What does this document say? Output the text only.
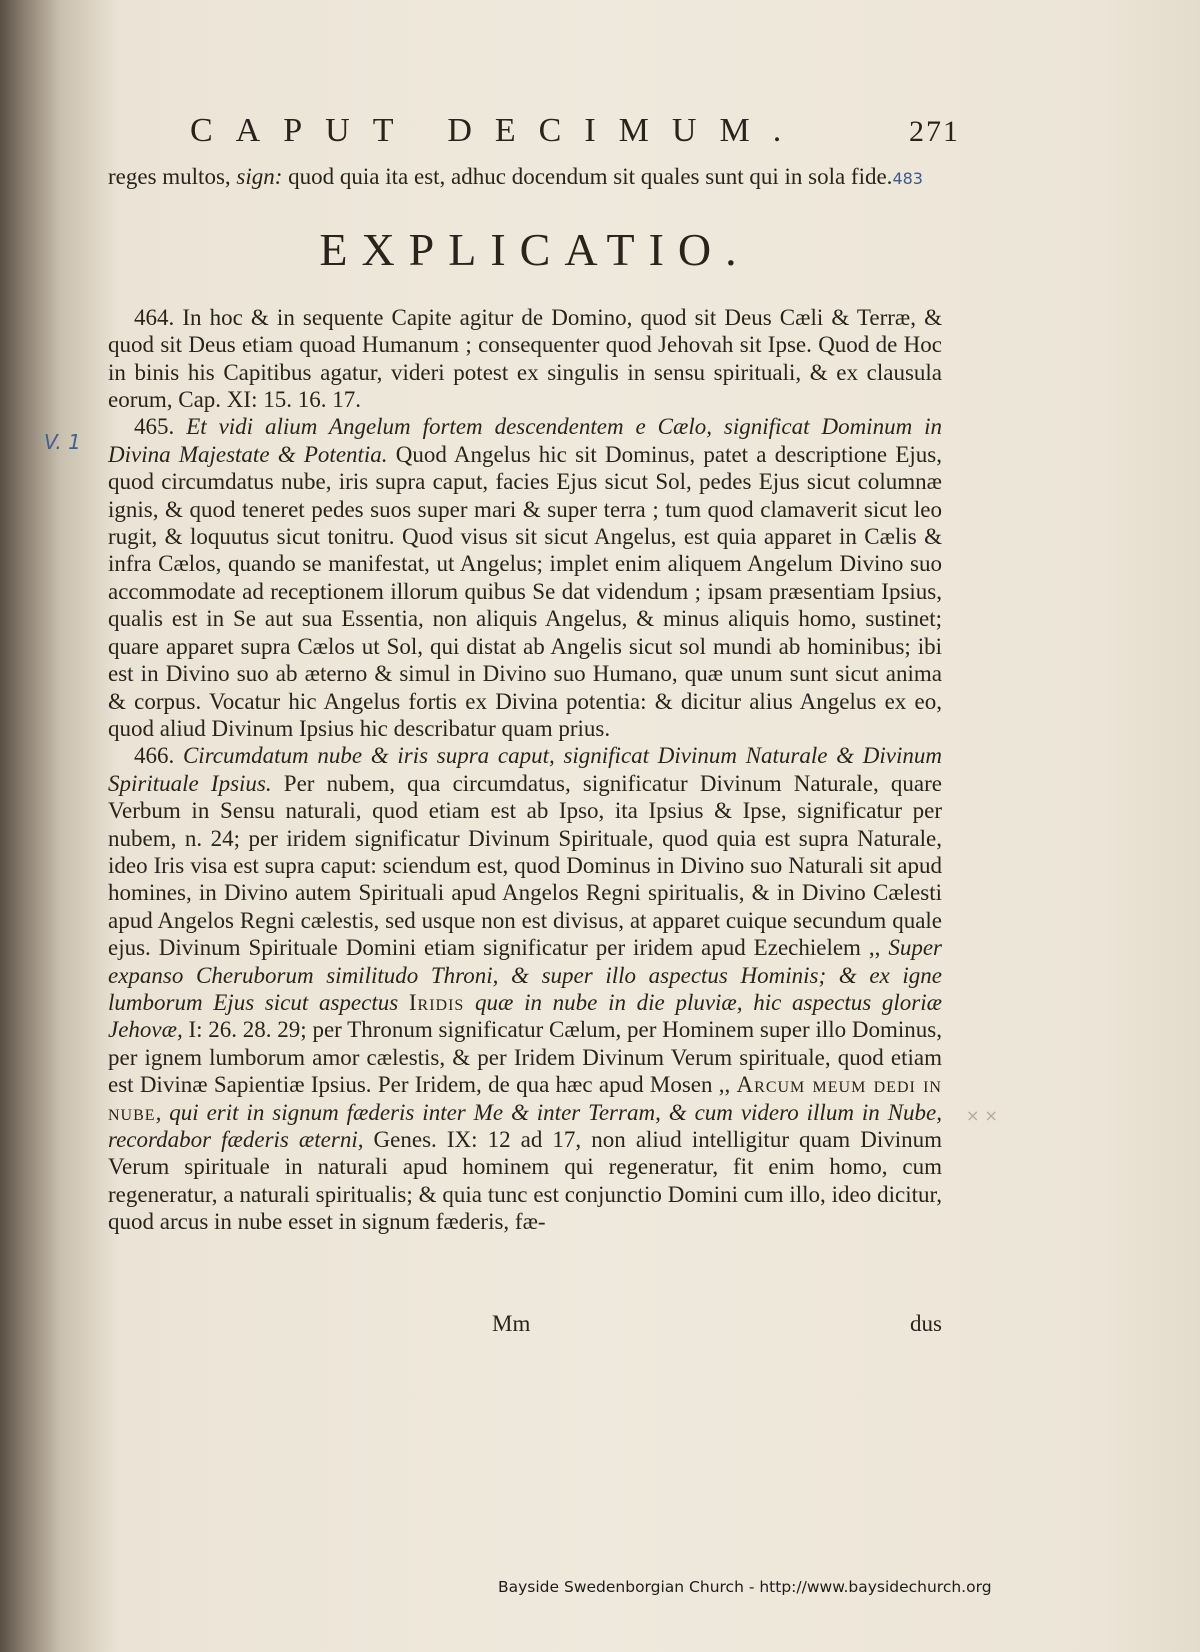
CAPUT DECIMUM.	271
V. 1
× ×

reges multos, sign: quod quia ita est, adhuc docendum sit quales sunt qui in sola fide.483

EXPLICATIO.

464. In hoc & in sequente Capite agitur de Domino, quod sit Deus Cæli & Terræ, & quod sit Deus etiam quoad Humanum ; consequenter quod Jehovah sit Ipse. Quod de Hoc in binis his Capitibus agatur, videri potest ex singulis in sensu spirituali, & ex clausula eorum, Cap. XI: 15. 16. 17.

465. Et vidi alium Angelum fortem descendentem e Cælo, significat Dominum in Divina Majestate & Potentia. Quod Angelus hic sit Dominus, patet a descriptione Ejus, quod circumdatus nube, iris supra caput, facies Ejus sicut Sol, pedes Ejus sicut columnæ ignis, & quod teneret pedes suos super mari & super terra ; tum quod clamaverit sicut leo rugit, & loquutus sicut tonitru. Quod visus sit sicut Angelus, est quia apparet in Cælis & infra Cælos, quando se manifestat, ut Angelus; implet enim aliquem Angelum Divino suo accommodate ad receptionem illorum quibus Se dat videndum ; ipsam præsentiam Ipsius, qualis est in Se aut sua Essentia, non aliquis Angelus, & minus aliquis homo, sustinet; quare apparet supra Cælos ut Sol, qui distat ab Angelis sicut sol mundi ab hominibus; ibi est in Divino suo ab æterno & simul in Divino suo Humano, quæ unum sunt sicut anima & corpus. Vocatur hic Angelus fortis ex Divina potentia: & dicitur alius Angelus ex eo, quod aliud Divinum Ipsius hic describatur quam prius.

466. Circumdatum nube & iris supra caput, significat Divinum Naturale & Divinum Spirituale Ipsius. Per nubem, qua circumdatus, significatur Divinum Naturale, quare Verbum in Sensu naturali, quod etiam est ab Ipso, ita Ipsius & Ipse, significatur per nubem, n. 24; per iridem significatur Divinum Spirituale, quod quia est supra Naturale, ideo Iris visa est supra caput: sciendum est, quod Dominus in Divino suo Naturali sit apud homines, in Divino autem Spirituali apud Angelos Regni spiritualis, & in Divino Cælesti apud Angelos Regni cælestis, sed usque non est divisus, at apparet cuique secundum quale ejus. Divinum Spirituale Domini etiam significatur per iridem apud Ezechielem ,, Super expanso Cheruborum similitudo Throni, & super illo aspectus Hominis; & ex igne lumborum Ejus sicut aspectus Iridis quæ in nube in die pluviæ, hic aspectus gloriæ Jehovæ, I: 26. 28. 29; per Thronum significatur Cælum, per Hominem super illo Dominus, per ignem lumborum amor cælestis, & per Iridem Divinum Verum spirituale, quod etiam est Divinæ Sapientiæ Ipsius. Per Iridem, de qua hæc apud Mosen ,, Arcum meum dedi in nube, qui erit in signum fæderis inter Me & inter Terram, & cum videro illum in Nube, recordabor fæderis æterni, Genes. IX: 12 ad 17, non aliud intelligitur quam Divinum Verum spirituale in naturali apud hominem qui regeneratur, fit enim homo, cum regeneratur, a naturali spiritualis; & quia tunc est conjunctio Domini cum illo, ideo dicitur, quod arcus in nube esset in signum fæderis, fæ-

Mm	dus
Bayside Swedenborgian Church - http://www.baysidechurch.org
